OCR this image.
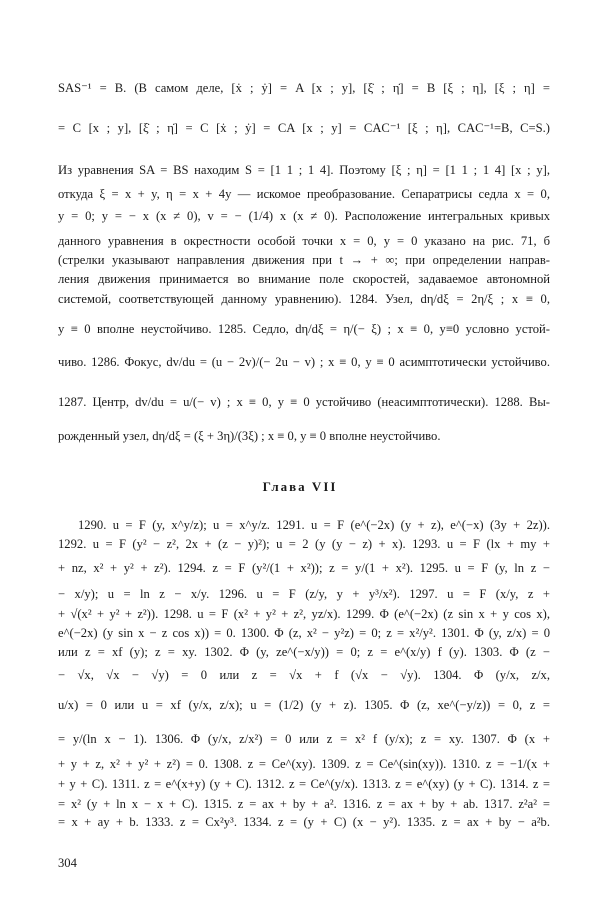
SAS⁻¹ = B. (В самом деле, [ẋ ; ẏ] = A [x ; y], [ξ̇ ; η̇] = B [ξ ; η], [ξ ; η] =
= C [x ; y], [ξ̇ ; η̇] = C [ẋ ; ẏ] = CA [x ; y] = CAC⁻¹ [ξ ; η], CAC⁻¹=B, C=S.)
Из уравнения SA = BS находим S = [1 1 ; 1 4]. Поэтому [ξ ; η] = [1 1 ; 1 4] [x ; y],
откуда ξ = x + y, η = x + 4y — искомое преобразование. Сепаратрисы седла x = 0,
y = 0; y = − x (x ≠ 0), v = − (1/4) x (x ≠ 0). Расположение интегральных кривых
данного уравнения в окрестности особой точки x = 0, y = 0 указано на рис. 71, б
(стрелки указывают направления движения при t → + ∞; при определении направ-
ления движения принимается во внимание поле скоростей, задаваемое автономной
системой, соответствующей данному уравнению). 1284. Узел, dη/dξ = 2η/ξ ; x ≡ 0,
y ≡ 0 вполне неустойчиво. 1285. Седло, dη/dξ = η/(− ξ) ; x ≡ 0, y≡0 условно устой-
чиво. 1286. Фокус, dv/du = (u − 2v)/(− 2u − v) ; x ≡ 0, y ≡ 0 асимптотически устойчиво.
1287. Центр, dv/du = u/(− v) ; x ≡ 0, y ≡ 0 устойчиво (неасимптотически). 1288. Вы-
рожденный узел, dη/dξ = (ξ + 3η)/(3ξ) ; x ≡ 0, y ≡ 0 вполне неустойчиво.
Глава VII
1290. u = F (y, x^y/z); u = x^y/z. 1291. u = F (e^(−2x) (y + z), e^(−x) (3y + 2z)).
1292. u = F (y² − z², 2x + (z − y)²); u = 2 (y (y − z) + x). 1293. u = F (lx + my +
+ nz, x² + y² + z²). 1294. z = F (y²/(1 + x²)); z = y/(1 + x²). 1295. u = F (y, ln z −
− x/y); u = ln z − x/y. 1296. u = F (z/y, y + y³/x²). 1297. u = F (x/y, z +
+ √(x² + y² + z²)). 1298. u = F (x² + y² + z², yz/x). 1299. Φ (e^(−2x) (z sin x + y cos x),
e^(−2x) (y sin x − z cos x)) = 0. 1300. Φ (z, x² − y²z) = 0; z = x²/y². 1301. Φ (y, z/x) = 0
или z = xf (y); z = xy. 1302. Φ (y, ze^(−x/y)) = 0; z = e^(x/y) f (y). 1303. Φ (z −
− √x, √x − √y) = 0 или z = √x + f (√x − √y). 1304. Φ (y/x, z/x,
u/x) = 0 или u = xf (y/x, z/x); u = (1/2) (y + z). 1305. Φ (z, xe^(−y/z)) = 0, z =
= y/(ln x − 1). 1306. Φ (y/x, z/x²) = 0 или z = x² f (y/x); z = xy. 1307. Φ (x +
+ y + z, x² + y² + z²) = 0. 1308. z = Ce^(xy). 1309. z = Ce^(sin(xy)). 1310. z = −1/(x +
+ y + C). 1311. z = e^(x+y) (y + C). 1312. z = Ce^(y/x). 1313. z = e^(xy) (y + C). 1314. z =
= x² (y + ln x − x + C). 1315. z = ax + by + a². 1316. z = ax + by + ab. 1317. z²a² =
= x + ay + b. 1333. z = Cx²y³. 1334. z = (y + C) (x − y²). 1335. z = ax + by − a²b.
304
